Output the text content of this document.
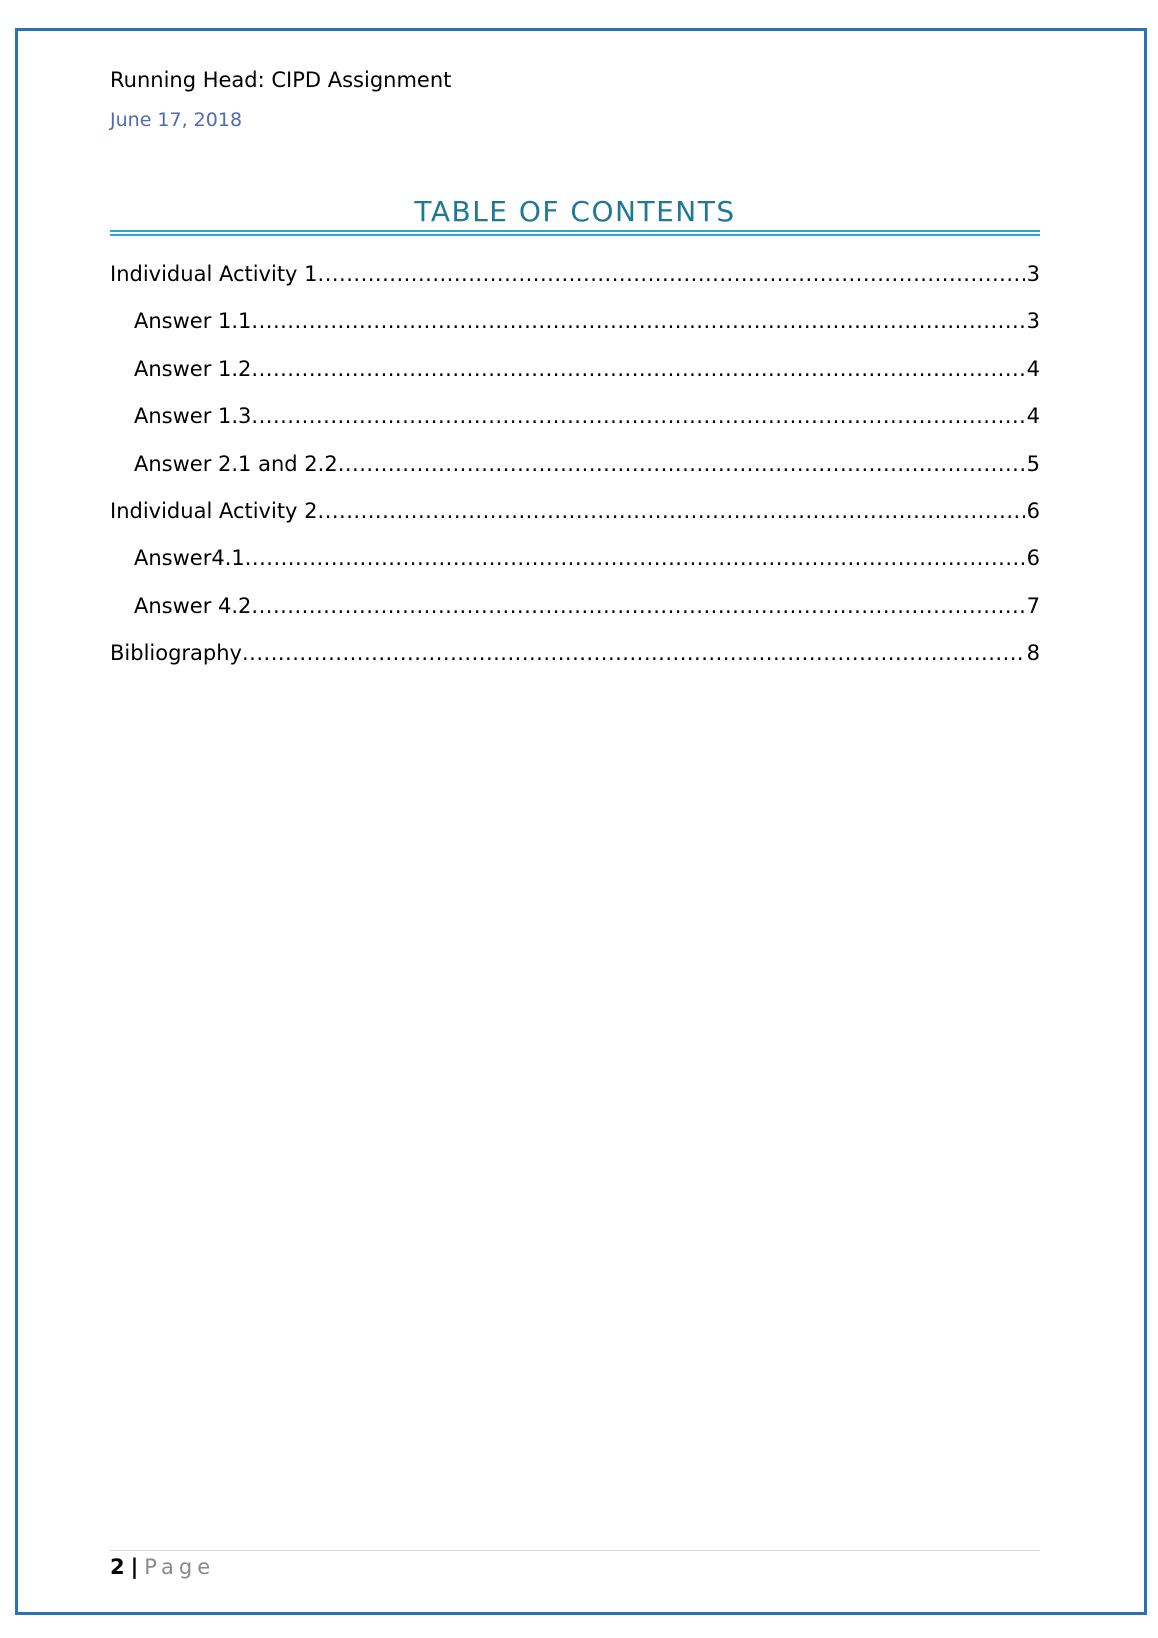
Running Head: CIPD Assignment
June 17, 2018
TABLE OF CONTENTS
Individual Activity 1 .....	3
Answer 1.1 .....	3
Answer 1.2 .....	4
Answer 1.3 .....	4
Answer 2.1 and 2.2 .....	5
Individual Activity 2 .....	6
Answer4.1 .....	6
Answer 4.2 .....	7
Bibliography .....	8
2 | Page
